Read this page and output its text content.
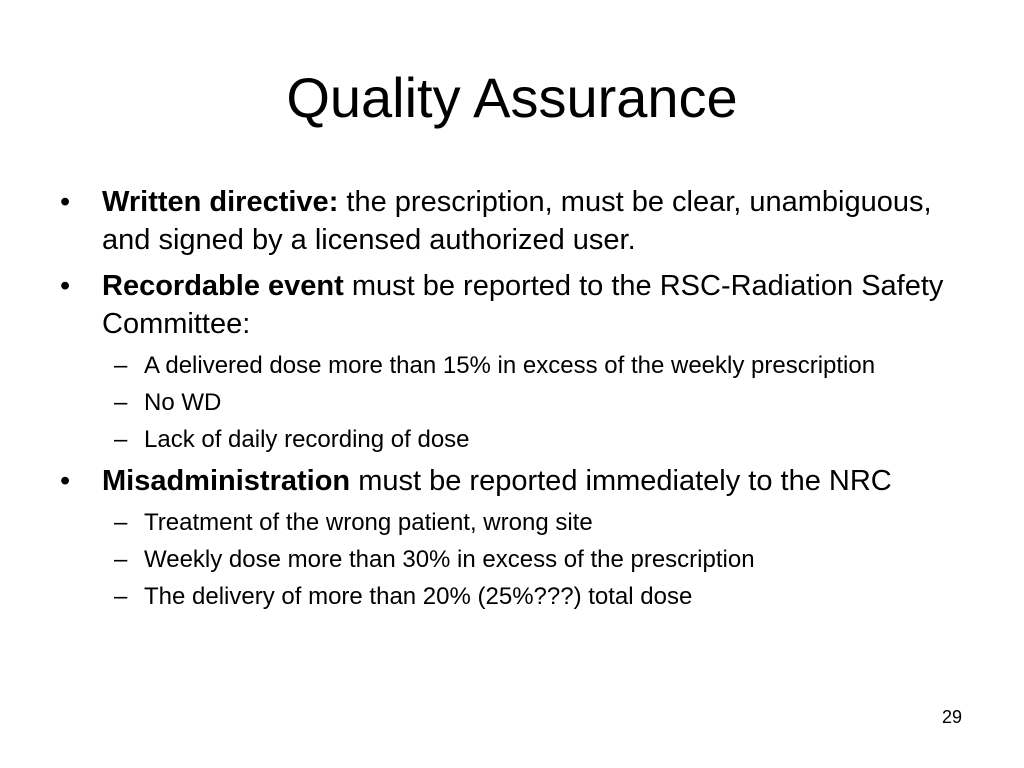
Quality Assurance
• Written directive: the prescription, must be clear, unambiguous, and signed by a licensed authorized user.
• Recordable event must be reported to the RSC-Radiation Safety Committee:
– A delivered dose more than 15% in excess of the weekly prescription
– No WD
– Lack of daily recording of dose
• Misadministration must be reported immediately to the NRC
– Treatment of the wrong patient, wrong site
– Weekly dose more than 30% in excess of the prescription
– The delivery of more than 20% (25%???) total dose
29
